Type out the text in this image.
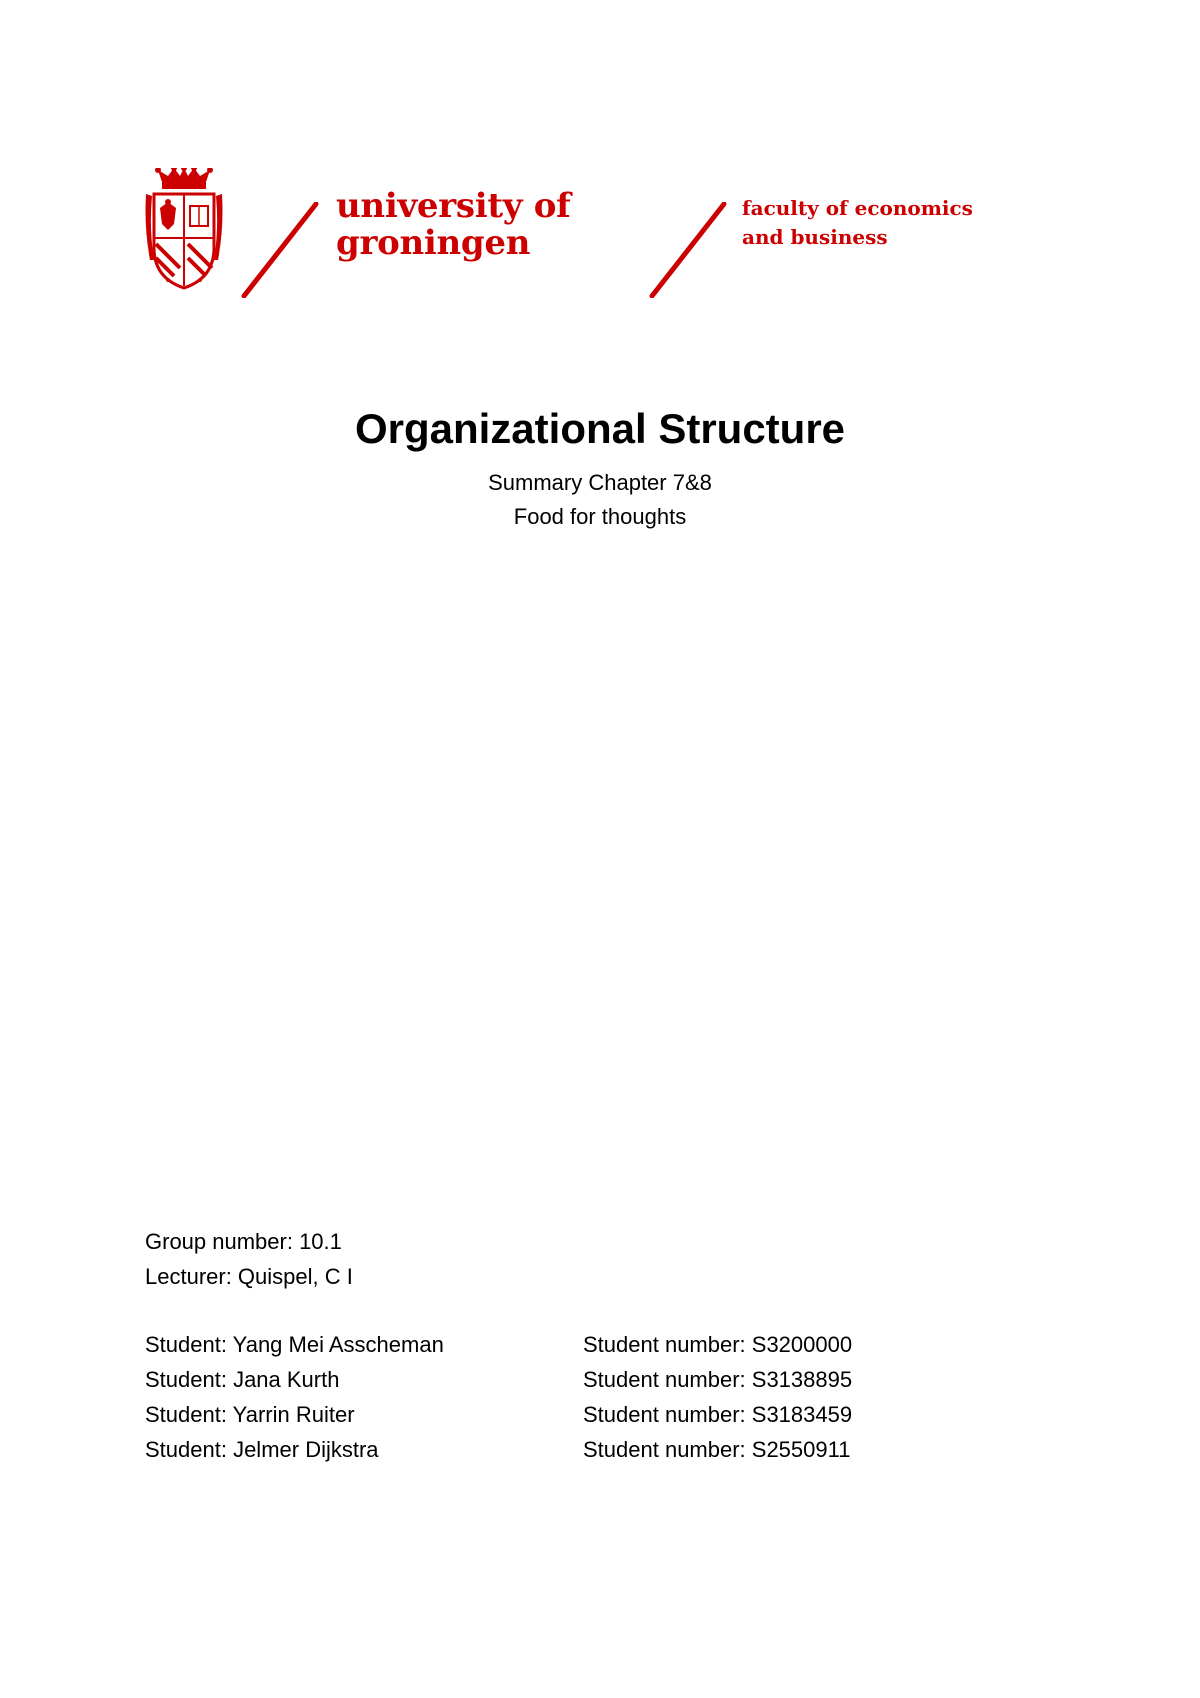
university of
groningen
faculty of economics
and business
Organizational Structure
Summary Chapter 7&8
Food for thoughts
Group number: 10.1
Lecturer: Quispel, C I
Student: Yang Mei Asscheman	Student number: S3200000
Student: Jana Kurth	Student number: S3138895
Student: Yarrin Ruiter	Student number: S3183459
Student: Jelmer Dijkstra	Student number: S2550911
